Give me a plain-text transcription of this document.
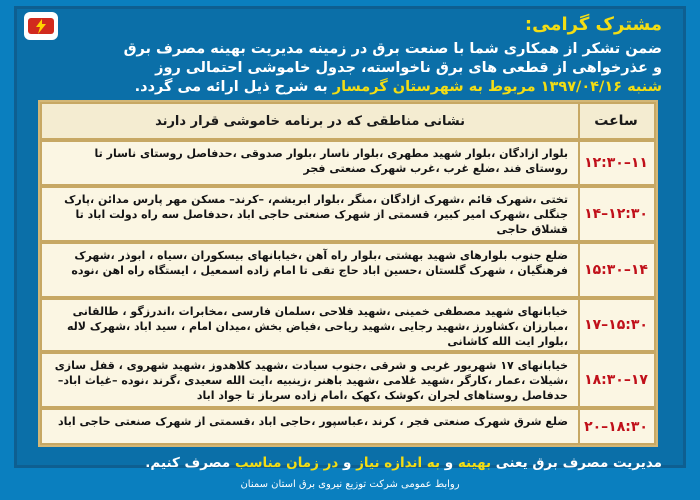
مشترک گرامی:
ضمن تشکر از همکاری شما با صنعت برق در زمینه مدیریت بهینه مصرف برق
و عذرخواهی از قطعی های برق ناخواسته، جدول خاموشی احتمالی روز
شنبه ۱۳۹۷/۰۴/۱۶ مربوط به شهرستان گرمسار به شرح ذیل ارائه می گردد.
ساعت
نشانی مناطقی که در برنامه خاموشی قرار دارند
۱۱–۱۲:۳۰
بلوار ازادگان ،بلوار شهید مطهری ،بلوار ناسار ،بلوار صدوقی ،حدفاصل روستای ناسار تا روستای فند ،ضلع غرب ،غرب شهرک صنعتی فجر
۱۲:۳۰–۱۴
تختی ،شهرک قائم ،شهرک ازادگان ،منگر ،بلوار ابریشم، –کرند– مسکن مهر پارس مدائن ،پارک جنگلی ،شهرک امیر کبیر، قسمتی از شهرک صنعتی حاجی اباد ،حدفاصل سه راه دولت اباد تا قشلاق حاجی
۱۴–۱۵:۳۰
ضلع جنوب بلوارهای شهید بهشتی ،بلوار راه آهن ،خیابانهای بیسکوران ،سیاه ، ابوذر ،شهرک فرهنگیان ، شهرک گلستان ،حسین اباد حاج تقی تا امام زاده اسمعیل ، ایستگاه راه اهن ،نوده
۱۵:۳۰–۱۷
خیابانهای شهید مصطفی خمینی ،شهید فلاحی ،سلمان فارسی ،مخابرات ،اندرزگو ، طالقانی ،مبارزان ،کشاورز ،شهید رجایی ،شهید ریاحی ،فیاض بخش ،میدان امام ، سید اباد ،شهرک لاله ،بلوار ایت الله کاشانی
۱۷–۱۸:۳۰
خیابانهای ۱۷ شهریور غربی و شرقی ،جنوب سیادت ،شهید کلاهدوز ،شهید شهروی ، قفل سازی ،شیلات ،عمار ،کارگر ،شهید غلامی ،شهید باهنر ،زینبیه ،ایت الله سعیدی ،گرند ،نوده –غیاث اباد– حدفاصل روستاهای لجران ،کوشک ،کهک ،امام زاده سرباز تا جواد اباد
۱۸:۳۰–۲۰
ضلع شرق شهرک صنعتی فجر ، کرند ،عباسپور ،حاجی اباد ،قسمتی از شهرک صنعتی حاجی اباد
مدیریت مصرف برق یعنی بهینه و به اندازه نیاز و در زمان مناسب مصرف کنیم.
روابط عمومی شرکت توزیع نیروی برق استان سمنان
